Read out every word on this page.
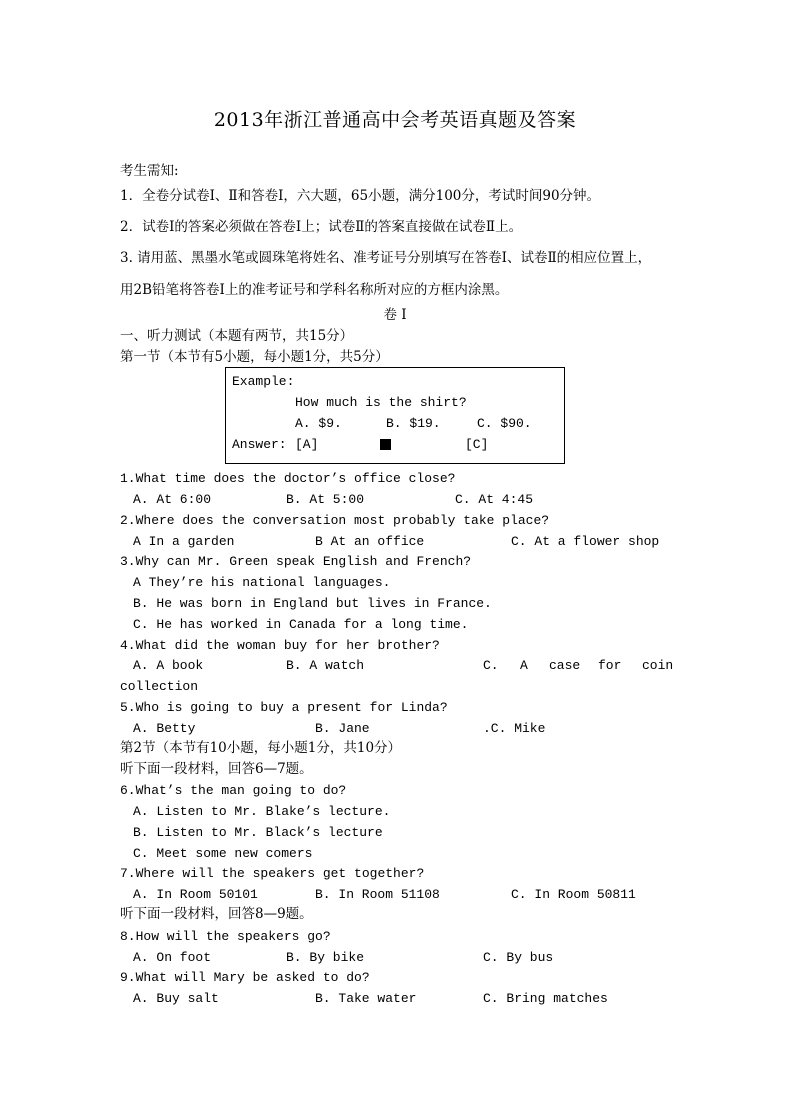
2013年浙江普通高中会考英语真题及答案
考生需知:
1．全卷分试卷Ⅰ、Ⅱ和答卷Ⅰ，六大题，65小题，满分100分，考试时间90分钟。
2．试卷Ⅰ的答案必须做在答卷Ⅰ上；试卷Ⅱ的答案直接做在试卷Ⅱ上。
3. 请用蓝、黑墨水笔或圆珠笔将姓名、准考证号分别填写在答卷Ⅰ、试卷Ⅱ的相应位置上，
用2B铅笔将答卷Ⅰ上的准考证号和学科名称所对应的方框内涂黑。
卷 Ⅰ
一、听力测试（本题有两节，共15分）
第一节（本节有5小题，每小题1分，共5分）
Example:
How much is the shirt?
A. $9.	B. $19.	C. $90.
Answer: [A]	[C]
1.What time does the doctor’s office close?
A. At 6:00	B. At 5:00	C. At 4:45
2.Where does the conversation most probably take place?
A In a garden	B At an office	C. At a flower shop
3.Why can Mr. Green speak English and French?
A They’re his national languages.
B. He was born in England but lives in France.
C. He has worked in Canada for a long time.
4.What did the woman buy for her brother?
A. A book	B. A watch	C. A case for coin
collection
5.Who is going to buy a present for Linda?
A. Betty	B. Jane	.C. Mike
第2节（本节有10小题，每小题1分，共10分）
听下面一段材料，回答6—7题。
6.What’s the man going to do?
A. Listen to Mr. Blake’s lecture.
B. Listen to Mr. Black’s lecture
C. Meet some new comers
7.Where will the speakers get together?
A. In Room 50101	B. In Room 51108	C. In Room 50811
听下面一段材料，回答8—9题。
8.How will the speakers go?
A. On foot	B. By bike	C. By bus
9.What will Mary be asked to do?
A. Buy salt	B. Take water	C. Bring matches
